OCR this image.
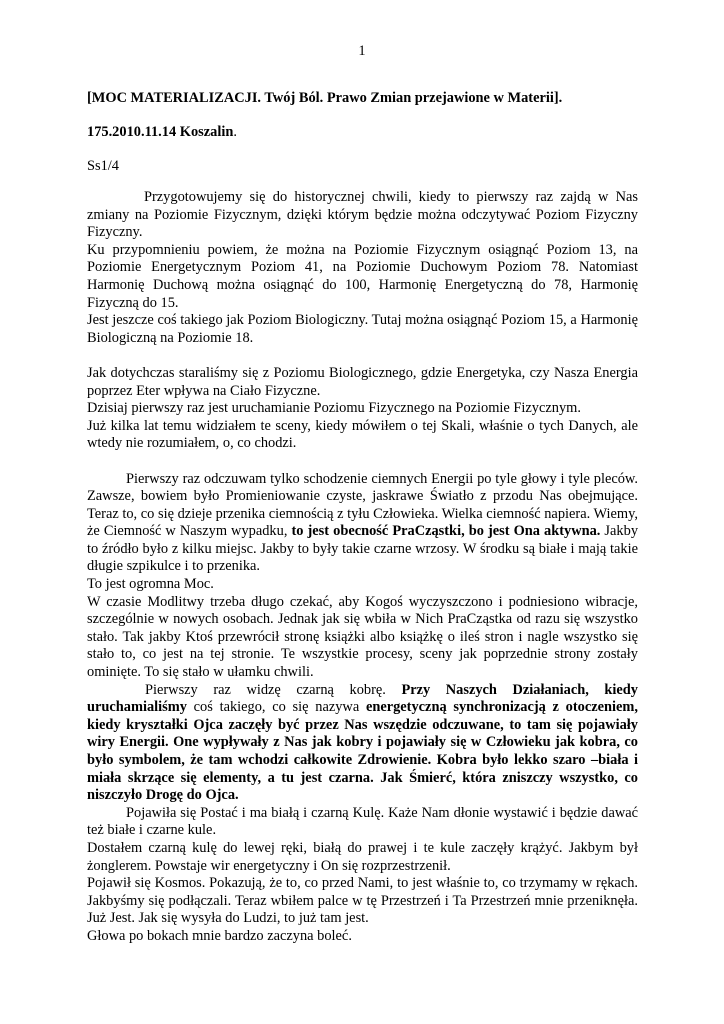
1
[MOC MATERIALIZACJI. Twój Ból. Prawo Zmian przejawione w Materii].
175.2010.11.14 Koszalin.
Ss1/4

Przygotowujemy się do historycznej chwili, kiedy to pierwszy raz zajdą w Nas zmiany na Poziomie Fizycznym, dzięki którym będzie można odczytywać Poziom Fizyczny Fizyczny.

Ku przypomnieniu powiem, że można na Poziomie Fizycznym osiągnąć Poziom 13, na Poziomie Energetycznym Poziom 41, na Poziomie Duchowym Poziom 78. Natomiast Harmonię Duchową można osiągnąć do 100, Harmonię Energetyczną do 78, Harmonię Fizyczną do 15.

Jest jeszcze coś takiego jak Poziom Biologiczny. Tutaj można osiągnąć Poziom 15, a Harmonię Biologiczną na Poziomie 18.

Jak dotychczas staraliśmy się z Poziomu Biologicznego, gdzie Energetyka, czy Nasza Energia poprzez Eter wpływa na Ciało Fizyczne.

Dzisiaj pierwszy raz jest uruchamianie Poziomu Fizycznego na Poziomie Fizycznym.

Już kilka lat temu widziałem te sceny, kiedy mówiłem o tej Skali, właśnie o tych Danych, ale wtedy nie rozumiałem, o, co chodzi.

Pierwszy raz odczuwam tylko schodzenie ciemnych Energii po tyle głowy i tyle pleców. Zawsze, bowiem było Promieniowanie czyste, jaskrawe Światło z przodu Nas obejmujące. Teraz to, co się dzieje przenika ciemnością z tyłu Człowieka. Wielka ciemność napiera. Wiemy, że Ciemność w Naszym wypadku, to jest obecność PraCząstki, bo jest Ona aktywna. Jakby to źródło było z kilku miejsc. Jakby to były takie czarne wrzosy. W środku są białe i mają takie długie szpikulce i to przenika.

To jest ogromna Moc.

W czasie Modlitwy trzeba długo czekać, aby Kogoś wyczyszczono i podniesiono wibracje, szczególnie w nowych osobach. Jednak jak się wbiła w Nich PraCząstka od razu się wszystko stało. Tak jakby Ktoś przewrócił stronę książki albo książkę o ileś stron i nagle wszystko się stało to, co jest na tej stronie. Te wszystkie procesy, sceny jak poprzednie strony zostały ominięte. To się stało w ułamku chwili.

Pierwszy raz widzę czarną kobrę. Przy Naszych Działaniach, kiedy uruchamialiśmy coś takiego, co się nazywa energetyczną synchronizacją z otoczeniem, kiedy kryształki Ojca zaczęły być przez Nas wszędzie odczuwane, to tam się pojawiały wiry Energii. One wypływały z Nas jak kobry i pojawiały się w Człowieku jak kobra, co było symbolem, że tam wchodzi całkowite Zdrowienie. Kobra było lekko szaro –biała i miała skrzące się elementy, a tu jest czarna. Jak Śmierć, która zniszczy wszystko, co niszczyło Drogę do Ojca.

Pojawiła się Postać i ma białą i czarną Kulę. Każe Nam dłonie wystawić i będzie dawać też białe i czarne kule.

Dostałem czarną kulę do lewej ręki, białą do prawej i te kule zaczęły krążyć. Jakbym był żonglerem. Powstaje wir energetyczny i On się rozprzestrzenił.

Pojawił się Kosmos. Pokazują, że to, co przed Nami, to jest właśnie to, co trzymamy w rękach. Jakbyśmy się podłączali. Teraz wbiłem palce w tę Przestrzeń i Ta Przestrzeń mnie przeniknęła. Już Jest. Jak się wysyła do Ludzi, to już tam jest.

Głowa po bokach mnie bardzo zaczyna boleć.
